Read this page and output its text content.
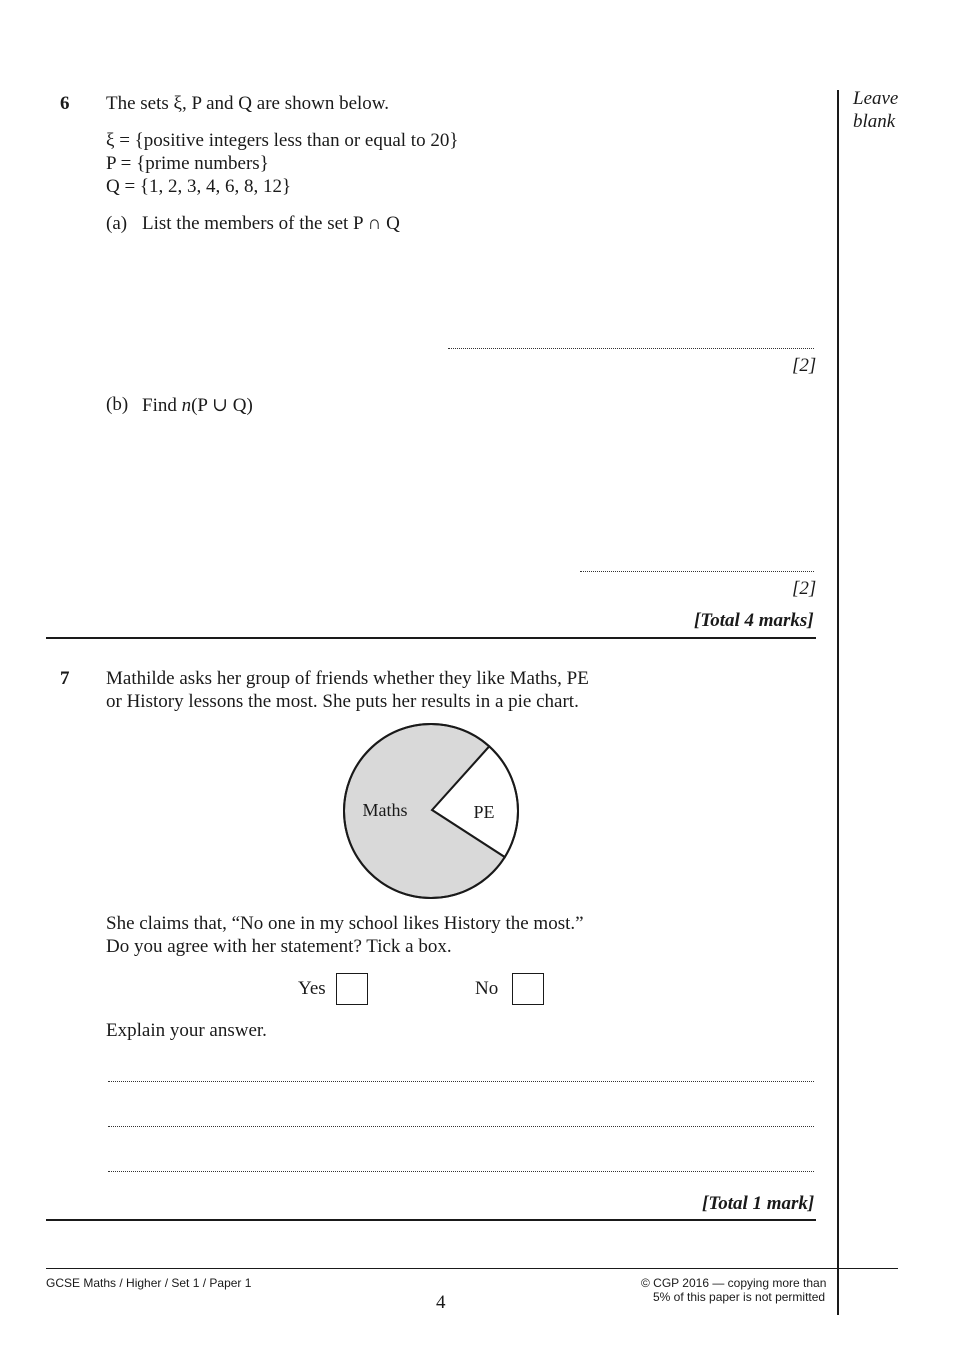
Leave
blank
6 The sets ξ, P and Q are shown below.
ξ = {positive integers less than or equal to 20}
P = {prime numbers}
Q = {1, 2, 3, 4, 6, 8, 12}
(a) List the members of the set P ∩ Q
[2]
(b) Find n(P ∪ Q)
[2]
[Total 4 marks]
7 Mathilde asks her group of friends whether they like Maths, PE
or History lessons the most. She puts her results in a pie chart.
Maths	PE
She claims that, “No one in my school likes History the most.”
Do you agree with her statement? Tick a box.
Yes	No
Explain your answer.
[Total 1 mark]
GCSE Maths / Higher / Set 1 / Paper 1
4
© CGP 2016 — copying more than
5% of this paper is not permitted
